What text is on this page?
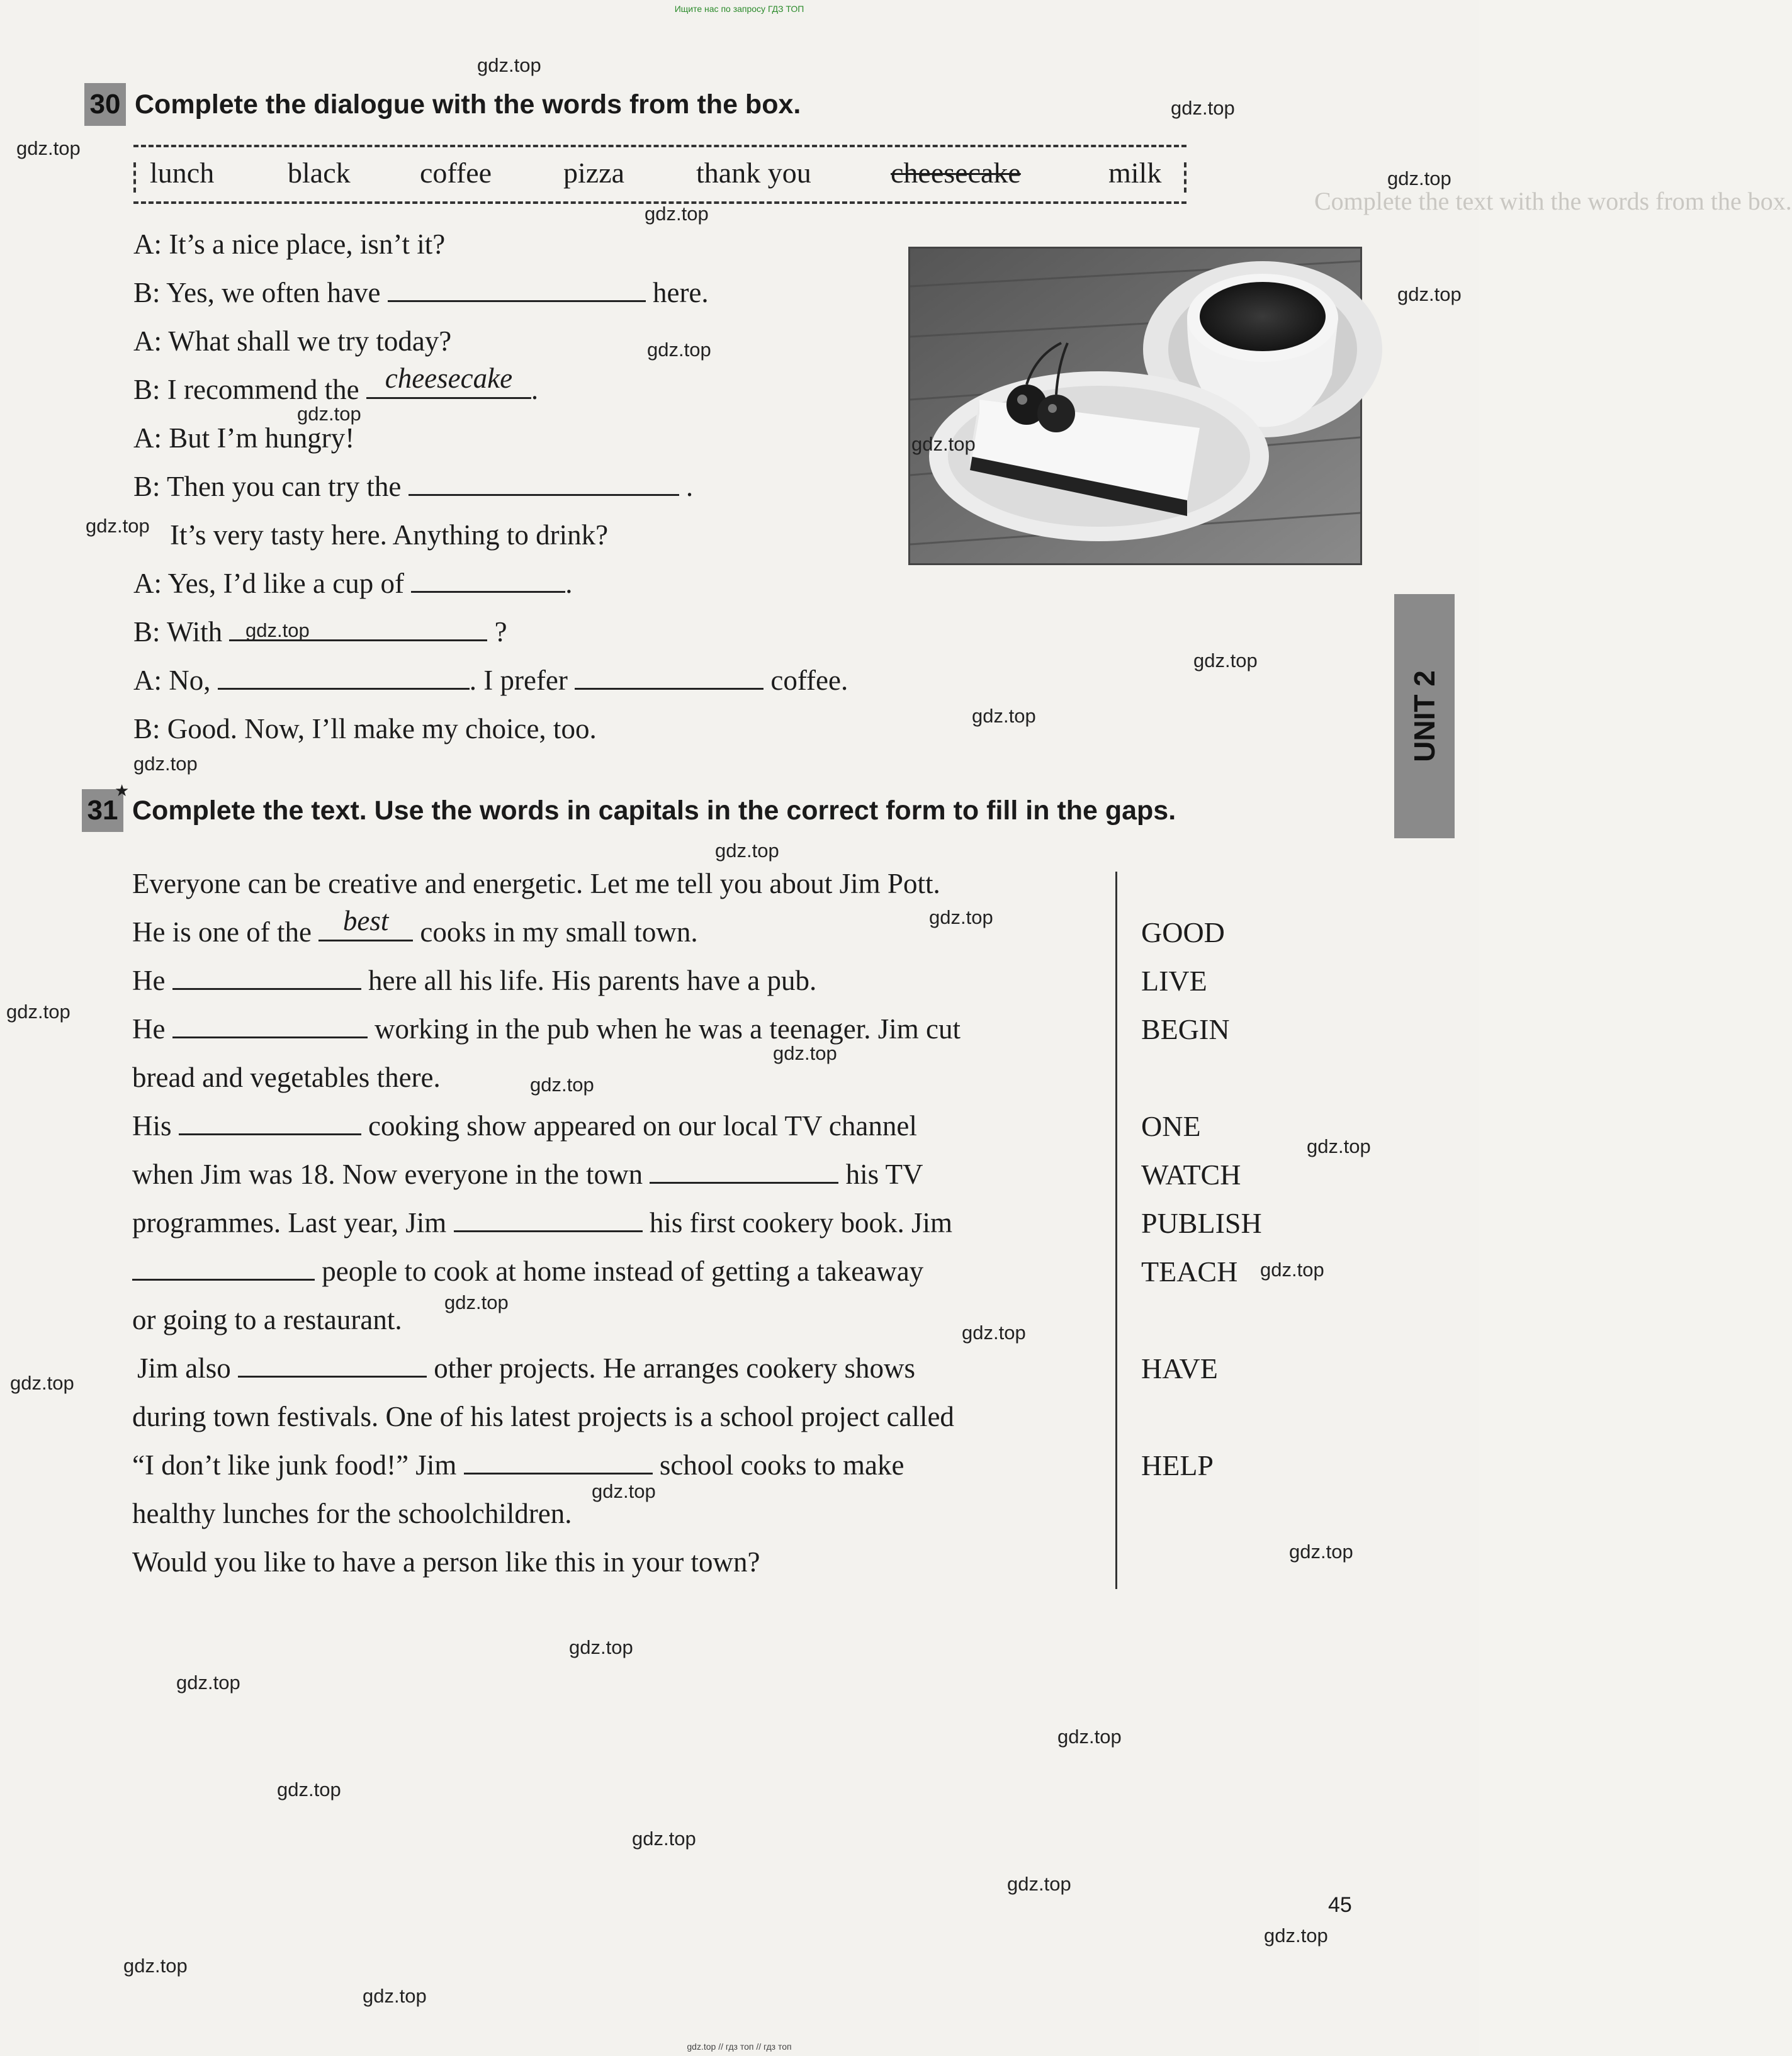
Ищите нас по запросу ГДЗ ТОП
Complete the text with the words from the box.
30 Complete the dialogue with the words from the box.
lunch	black coffee pizza thank you	cheesecake	milk
A: It’s a nice place, isn’t it?
B: Yes, we often have	here.
A: What shall we try today?
B: I recommend the cheesecake .
A: But I’m hungry!
B: Then you can try the	.
It’s very tasty here. Anything to drink?
A: Yes, I’d like a cup of	.
B: With	?
A: No,	. I prefer	coffee.
B: Good. Now, I’ll make my choice, too.
31
★
Complete the text. Use the words in capitals in the correct form to fill in the gaps.
Everyone can be creative and energetic. Let me tell you about Jim Pott.
He is one of the	best	cooks in my small town.
He	here all his life. His parents have a pub.
He	working in the pub when he was a teenager. Jim cut
bread and vegetables there.
His	cooking show appeared on our local TV channel
when Jim was 18. Now everyone in the town	his TV
programmes. Last year, Jim	his first cookery book. Jim
people to cook at home instead of getting a takeaway
or going to a restaurant.
Jim also	other projects. He arranges cookery shows
during town festivals. One of his latest projects is a school project called
“I don’t like junk food!” Jim	school cooks to make
healthy lunches for the schoolchildren.
Would you like to have a person like this in your town?
GOOD
LIVE
BEGIN
ONE
WATCH
PUBLISH
TEACH
HAVE
HELP
UNIT 2
45
gdz.top
gdz.top
gdz.top
gdz.top
gdz.top
gdz.top
gdz.top
gdz.top
gdz.top
gdz.top
gdz.top
gdz.top
gdz.top
gdz.top
gdz.top
gdz.top
gdz.top
gdz.top
gdz.top
gdz.top
gdz.top
gdz.top
gdz.top
gdz.top
gdz.top
gdz.top
gdz.top
gdz.top
gdz.top
gdz.top
gdz.top
gdz.top
gdz.top
gdz.top
gdz.top
gdz.top // гдз топ // гдз топ
